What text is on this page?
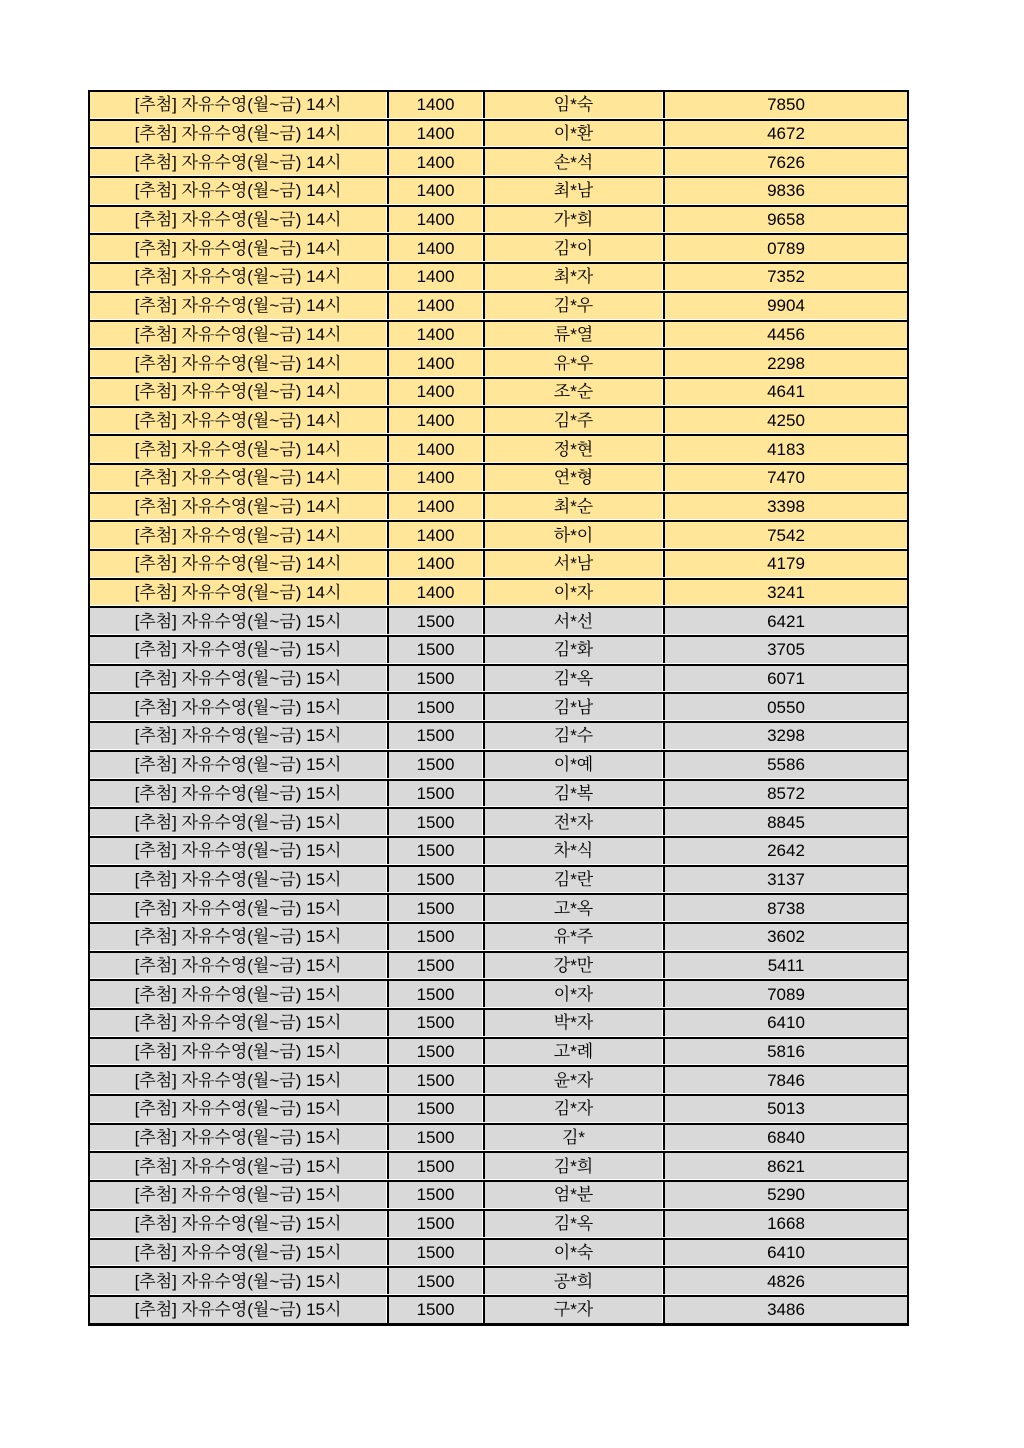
[추첨] 자유수영(월~금) 14시	1400	임*숙	7850
[추첨] 자유수영(월~금) 14시	1400	이*환	4672
[추첨] 자유수영(월~금) 14시	1400	손*석	7626
[추첨] 자유수영(월~금) 14시	1400	최*남	9836
[추첨] 자유수영(월~금) 14시	1400	가*희	9658
[추첨] 자유수영(월~금) 14시	1400	김*이	0789
[추첨] 자유수영(월~금) 14시	1400	최*자	7352
[추첨] 자유수영(월~금) 14시	1400	김*우	9904
[추첨] 자유수영(월~금) 14시	1400	류*열	4456
[추첨] 자유수영(월~금) 14시	1400	유*우	2298
[추첨] 자유수영(월~금) 14시	1400	조*순	4641
[추첨] 자유수영(월~금) 14시	1400	김*주	4250
[추첨] 자유수영(월~금) 14시	1400	정*현	4183
[추첨] 자유수영(월~금) 14시	1400	연*형	7470
[추첨] 자유수영(월~금) 14시	1400	최*순	3398
[추첨] 자유수영(월~금) 14시	1400	하*이	7542
[추첨] 자유수영(월~금) 14시	1400	서*남	4179
[추첨] 자유수영(월~금) 14시	1400	이*자	3241
[추첨] 자유수영(월~금) 15시	1500	서*선	6421
[추첨] 자유수영(월~금) 15시	1500	김*화	3705
[추첨] 자유수영(월~금) 15시	1500	김*옥	6071
[추첨] 자유수영(월~금) 15시	1500	김*남	0550
[추첨] 자유수영(월~금) 15시	1500	김*수	3298
[추첨] 자유수영(월~금) 15시	1500	이*예	5586
[추첨] 자유수영(월~금) 15시	1500	김*복	8572
[추첨] 자유수영(월~금) 15시	1500	전*자	8845
[추첨] 자유수영(월~금) 15시	1500	차*식	2642
[추첨] 자유수영(월~금) 15시	1500	김*란	3137
[추첨] 자유수영(월~금) 15시	1500	고*옥	8738
[추첨] 자유수영(월~금) 15시	1500	유*주	3602
[추첨] 자유수영(월~금) 15시	1500	강*만	5411
[추첨] 자유수영(월~금) 15시	1500	이*자	7089
[추첨] 자유수영(월~금) 15시	1500	박*자	6410
[추첨] 자유수영(월~금) 15시	1500	고*례	5816
[추첨] 자유수영(월~금) 15시	1500	윤*자	7846
[추첨] 자유수영(월~금) 15시	1500	김*자	5013
[추첨] 자유수영(월~금) 15시	1500	김*	6840
[추첨] 자유수영(월~금) 15시	1500	김*희	8621
[추첨] 자유수영(월~금) 15시	1500	엄*분	5290
[추첨] 자유수영(월~금) 15시	1500	김*옥	1668
[추첨] 자유수영(월~금) 15시	1500	이*숙	6410
[추첨] 자유수영(월~금) 15시	1500	공*희	4826
[추첨] 자유수영(월~금) 15시	1500	구*자	3486
